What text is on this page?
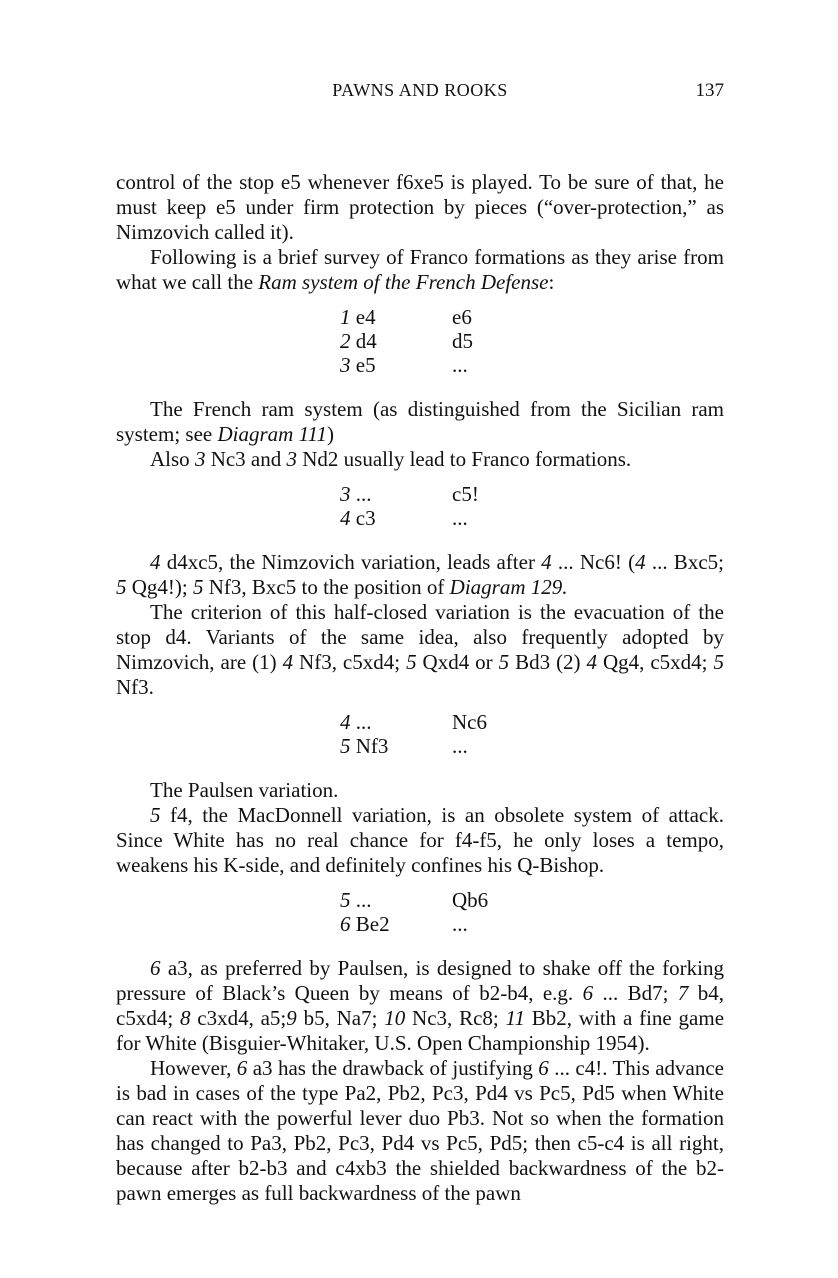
PAWNS AND ROOKS	137

control of the stop e5 whenever f6xe5 is played. To be sure of that, he must keep e5 under firm protection by pieces (“over-protection,” as Nimzovich called it).

Following is a brief survey of Franco formations as they arise from what we call the Ram system of the French Defense:

1 e4	e6
2 d4	d5
3 e5	...

The French ram system (as distinguished from the Sicilian ram system; see Diagram 111)

Also 3 Nc3 and 3 Nd2 usually lead to Franco formations.

3 ...	c5!
4 c3	...

4 d4xc5, the Nimzovich variation, leads after 4 ... Nc6! (4 ... Bxc5; 5 Qg4!); 5 Nf3, Bxc5 to the position of Diagram 129.

The criterion of this half-closed variation is the evacuation of the stop d4. Variants of the same idea, also frequently adopted by Nimzovich, are (1) 4 Nf3, c5xd4; 5 Qxd4 or 5 Bd3 (2) 4 Qg4, c5xd4; 5 Nf3.

4 ...	Nc6
5 Nf3	...

The Paulsen variation.

5 f4, the MacDonnell variation, is an obsolete system of attack. Since White has no real chance for f4-f5, he only loses a tempo, weakens his K-side, and definitely confines his Q-Bishop.

5 ...	Qb6
6 Be2	...

6 a3, as preferred by Paulsen, is designed to shake off the forking pressure of Black’s Queen by means of b2-b4, e.g. 6 ... Bd7; 7 b4, c5xd4; 8 c3xd4, a5;9 b5, Na7; 10 Nc3, Rc8; 11 Bb2, with a fine game for White (Bisguier-Whitaker, U.S. Open Championship 1954).

However, 6 a3 has the drawback of justifying 6 ... c4!. This advance is bad in cases of the type Pa2, Pb2, Pc3, Pd4 vs Pc5, Pd5 when White can react with the powerful lever duo Pb3. Not so when the formation has changed to Pa3, Pb2, Pc3, Pd4 vs Pc5, Pd5; then c5-c4 is all right, because after b2-b3 and c4xb3 the shielded backwardness of the b2-pawn emerges as full backwardness of the pawn
